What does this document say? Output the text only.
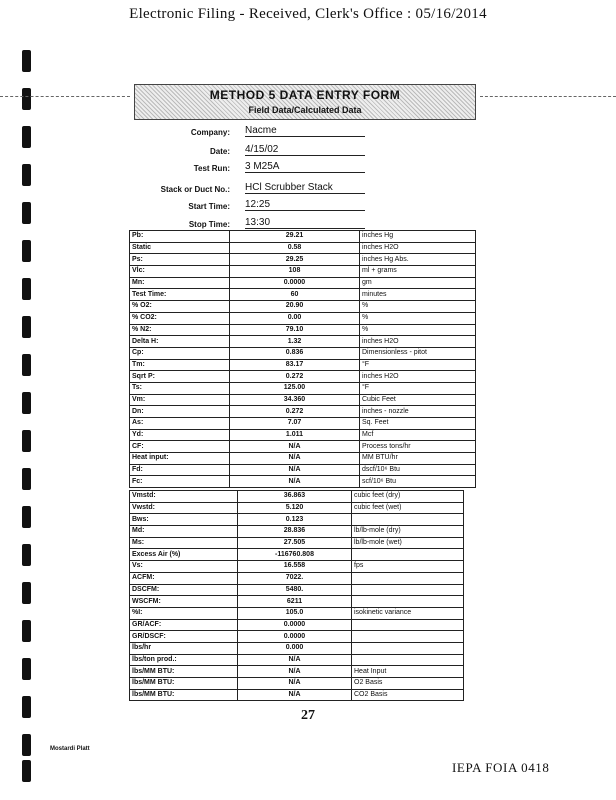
Electronic Filing - Received, Clerk's Office : 05/16/2014
METHOD 5 DATA ENTRY FORM
Field Data/Calculated Data
Company: Nacme
Date: 4/15/02
Test Run: 3 M25A
Stack or Duct No.: HCl Scrubber Stack
Start Time: 12:25
Stop Time: 13:30
Pb:	29.21	inches Hg
Static	0.58	inches H2O
Ps:	29.25	inches Hg Abs.
Vlc:	108	ml + grams
Mn:	0.0000	gm
Test Time:	60	minutes
% O2:	20.90	%
% CO2:	0.00	%
% N2:	79.10	%
Delta H:	1.32	inches H2O
Cp:	0.836	Dimensionless - pitot
Tm:	83.17	°F
Sqrt P:	0.272	inches H2O
Ts:	125.00	°F
Vm:	34.360	Cubic Feet
Dn:	0.272	inches - nozzle
As:	7.07	Sq. Feet
Yd:	1.011	Mcf
CF:	N/A	Process tons/hr
Heat input:	N/A	MM BTU/hr
Fd:	N/A	dscf/10⁶ Btu
Fc:	N/A	scf/10⁶ Btu
Vmstd:	36.863	cubic feet (dry)
Vwstd:	5.120	cubic feet (wet)
Bws:	0.123	
Md:	28.836	lb/lb-mole (dry)
Ms:	27.505	lb/lb-mole (wet)
Excess Air (%)	-116760.808	
Vs:	16.558	fps
ACFM:	7022.	
DSCFM:	5480.	
WSCFM:	6211	
%I:	105.0	isokinetic variance
GR/ACF:	0.0000	
GR/DSCF:	0.0000	
lbs/hr	0.000	
lbs/ton prod.:	N/A	
lbs/MM BTU:	N/A	Heat Input
lbs/MM BTU:	N/A	O2 Basis
lbs/MM BTU:	N/A	CO2 Basis
27
Mostardi Platt
IEPA FOIA 0418
